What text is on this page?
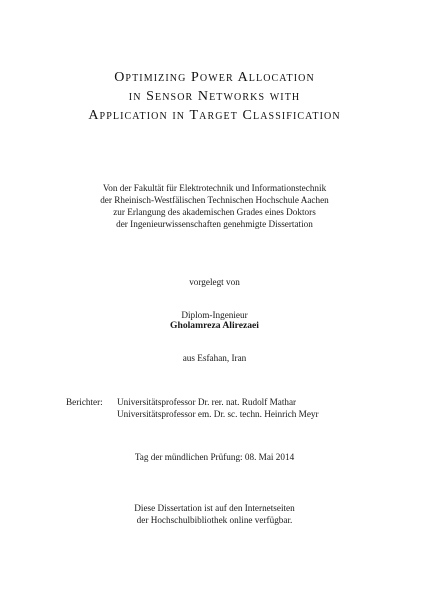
Optimizing Power Allocation
in Sensor Networks with
Application in Target Classification
Von der Fakultät für Elektrotechnik und Informationstechnik
der Rheinisch-Westfälischen Technischen Hochschule Aachen
zur Erlangung des akademischen Grades eines Doktors
der Ingenieurwissenschaften genehmigte Dissertation
vorgelegt von
Diplom-Ingenieur
Gholamreza Alirezaei
aus Esfahan, Iran
Berichter: Universitätsprofessor Dr. rer. nat. Rudolf Mathar
Universitätsprofessor em. Dr. sc. techn. Heinrich Meyr
Tag der mündlichen Prüfung: 08. Mai 2014
Diese Dissertation ist auf den Internetseiten
der Hochschulbibliothek online verfügbar.
